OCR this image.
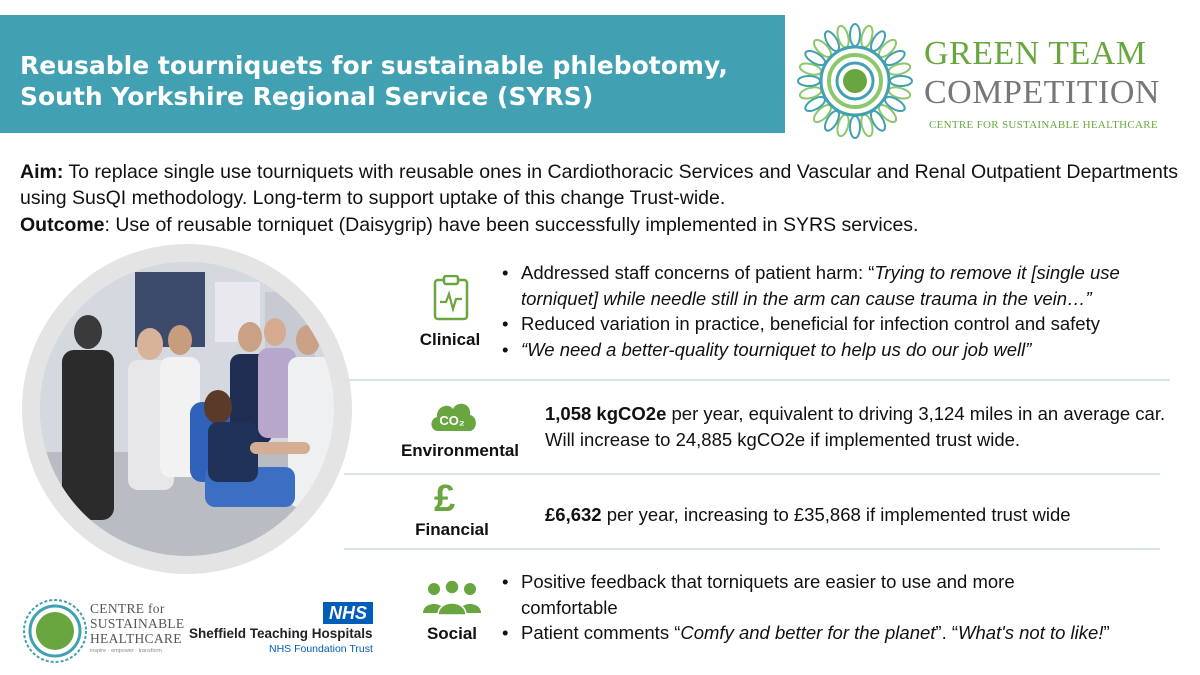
Reusable tourniquets for sustainable phlebotomy,
South Yorkshire Regional Service (SYRS)
GREEN TEAM
COMPETITION
CENTRE FOR SUSTAINABLE HEALTHCARE
Aim: To replace single use tourniquets with reusable ones in Cardiothoracic Services and Vascular and Renal Outpatient Departments using SusQI methodology. Long-term to support uptake of this change Trust-wide.
Outcome: Use of reusable torniquet (Daisygrip) have been successfully implemented in SYRS services.
Clinical
• Addressed staff concerns of patient harm: “Trying to remove it [single use torniquet] while needle still in the arm can cause trauma in the vein…”
• Reduced variation in practice, beneficial for infection control and safety
• “We need a better-quality tourniquet to help us do our job well”
CO₂
Environmental
1,058 kgCO2e per year, equivalent to driving 3,124 miles in an average car. Will increase to 24,885 kgCO2e if implemented trust wide.
£
Financial
£6,632 per year, increasing to £35,868 if implemented trust wide
Social
• Positive feedback that torniquets are easier to use and more comfortable
• Patient comments “Comfy and better for the planet”. “What's not to like!”
CENTRE for
SUSTAINABLE
HEALTHCARE
inspire · empower · transform
NHS
Sheffield Teaching Hospitals
NHS Foundation Trust
